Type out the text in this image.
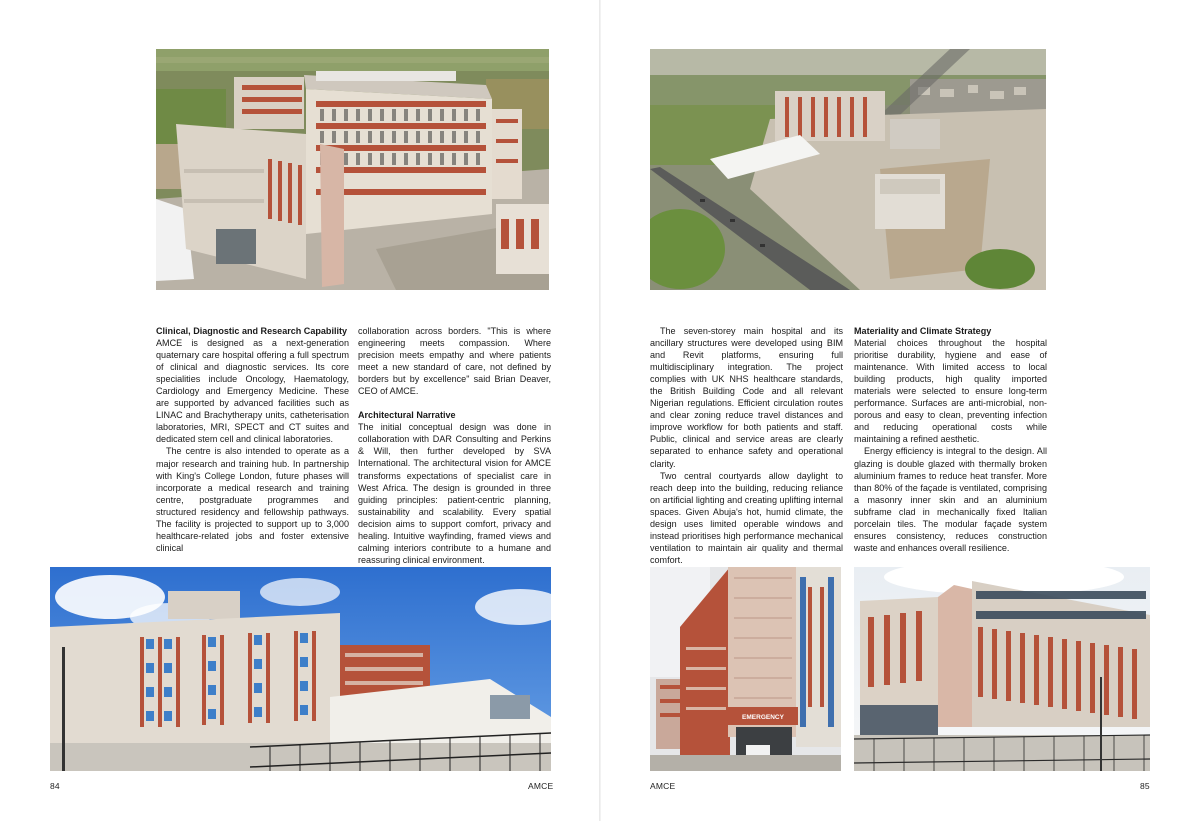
Clinical, Diagnostic and Research Capability

AMCE is designed as a next-generation quaternary care hospital offering a full spectrum of clinical and diagnostic services. Its core specialities include Oncology, Haematology, Cardiology and Emergency Medicine. These are supported by advanced facilities such as LINAC and Brachytherapy units, catheterisation laboratories, MRI, SPECT and CT suites and dedicated stem cell and clinical laboratories.

The centre is also intended to operate as a major research and training hub. In partnership with King's College London, future phases will incorporate a medical research and training centre, postgraduate programmes and structured residency and fellowship pathways. The facility is projected to support up to 3,000 healthcare-related jobs and foster extensive clinical

collaboration across borders. "This is where engineering meets compassion. Where precision meets empathy and where patients meet a new standard of care, not defined by borders but by excellence" said Brian Deaver, CEO of AMCE.

Architectural Narrative

The initial conceptual design was done in collaboration with DAR Consulting and Perkins & Will, then further developed by SVA International. The architectural vision for AMCE transforms expectations of specialist care in West Africa. The design is grounded in three guiding principles: patient-centric planning, sustainability and scalability. Every spatial decision aims to support comfort, privacy and healing. Intuitive wayfinding, framed views and calming interiors contribute to a humane and reassuring clinical environment.

84	AMCE

The seven-storey main hospital and its ancillary structures were developed using BIM and Revit platforms, ensuring full multidisciplinary integration. The project complies with UK NHS healthcare standards, the British Building Code and all relevant Nigerian regulations. Efficient circulation routes and clear zoning reduce travel distances and improve workflow for both patients and staff. Public, clinical and service areas are clearly separated to enhance safety and operational clarity.

Two central courtyards allow daylight to reach deep into the building, reducing reliance on artificial lighting and creating uplifting internal spaces. Given Abuja's hot, humid climate, the design uses limited operable windows and instead prioritises high performance mechanical ventilation to maintain air quality and thermal comfort.

Materiality and Climate Strategy

Material choices throughout the hospital prioritise durability, hygiene and ease of maintenance. With limited access to local building products, high quality imported materials were selected to ensure long-term performance. Surfaces are anti-microbial, non-porous and easy to clean, preventing infection and reducing operational costs while maintaining a refined aesthetic.

Energy efficiency is integral to the design. All glazing is double glazed with thermally broken aluminium frames to reduce heat transfer. More than 80% of the façade is ventilated, comprising a masonry inner skin and an aluminium subframe clad in mechanically fixed Italian porcelain tiles. The modular façade system ensures consistency, reduces construction waste and enhances overall resilience.

EMERGENCY
AMCE	85
